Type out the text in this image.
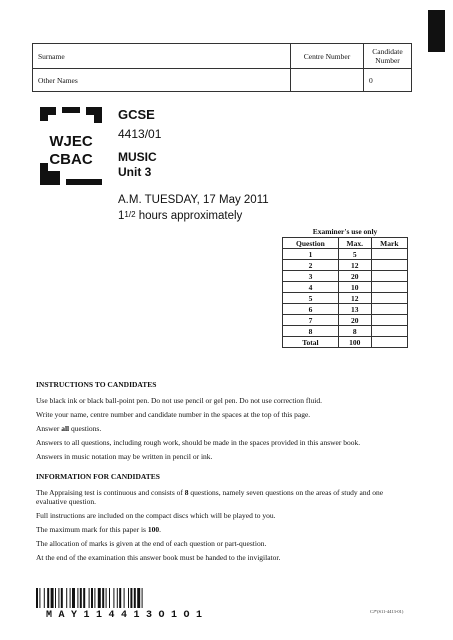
Surname	Centre Number	Candidate Number
Other Names		0
WJEC
CBAC
GCSE
4413/01
MUSIC
Unit 3
A.M. TUESDAY, 17 May 2011
$1^{1/2}$ hours approximately
Examiner's use only
Question	Max.	Mark
1	5	
2	12	
3	20	
4	10	
5	12	
6	13	
7	20	
8	8	
Total	100	
INSTRUCTIONS TO CANDIDATES

Use black ink or black ball-point pen. Do not use pencil or gel pen. Do not use correction fluid.

Write your name, centre number and candidate number in the spaces at the top of this page.

Answer all questions.

Answers to all questions, including rough work, should be made in the spaces provided in this answer book.

Answers in music notation may be written in pencil or ink.

INFORMATION FOR CANDIDATES

The Appraising test is continuous and consists of 8 questions, namely seven questions on the areas of study and one evaluative question.

Full instructions are included on the compact discs which will be played to you.

The maximum mark for this paper is 100.

The allocation of marks is given at the end of each question or part-question.

At the end of the examination this answer book must be handed to the invigilator.

MAY114413O1O1	CJ*(S11-4413-01)
